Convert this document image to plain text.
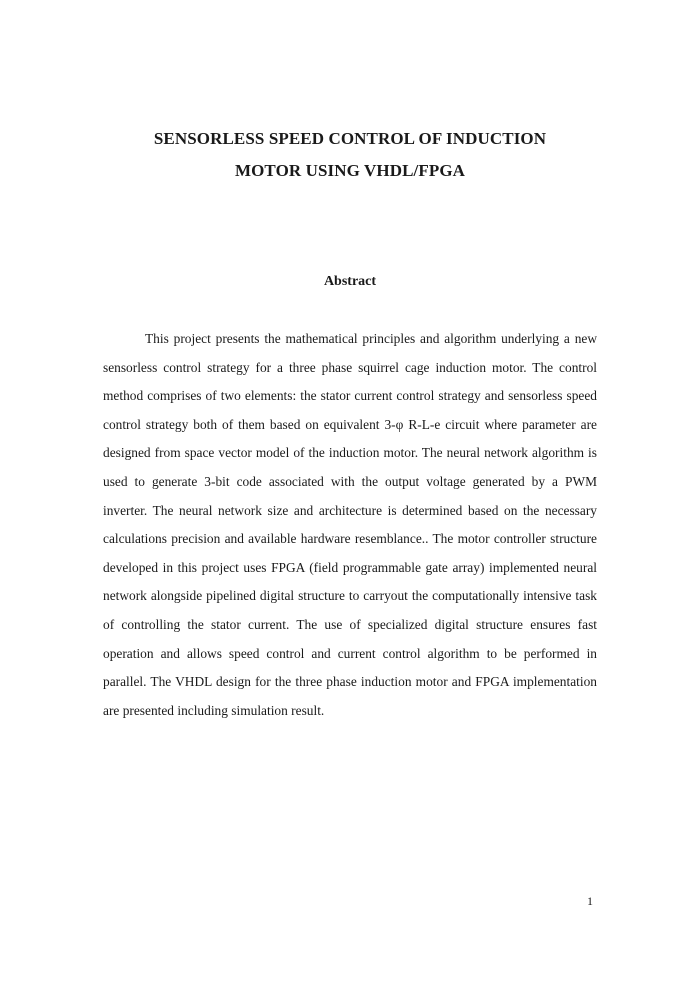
SENSORLESS SPEED CONTROL OF INDUCTION
MOTOR USING VHDL/FPGA
Abstract

This project presents the mathematical principles and algorithm underlying a new sensorless control strategy for a three phase squirrel cage induction motor. The control method comprises of two elements: the stator current control strategy and sensorless speed control strategy both of them based on equivalent 3-φ R-L-e circuit where parameter are designed from space vector model of the induction motor. The neural network algorithm is used to generate 3-bit code associated with the output voltage generated by a PWM inverter. The neural network size and architecture is determined based on the necessary calculations precision and available hardware resemblance.. The motor controller structure developed in this project uses FPGA (field programmable gate array) implemented neural network alongside pipelined digital structure to carryout the computationally intensive task of controlling the stator current. The use of specialized digital structure ensures fast operation and allows speed control and current control algorithm to be performed in parallel. The VHDL design for the three phase induction motor and FPGA implementation are presented including simulation result.

1
